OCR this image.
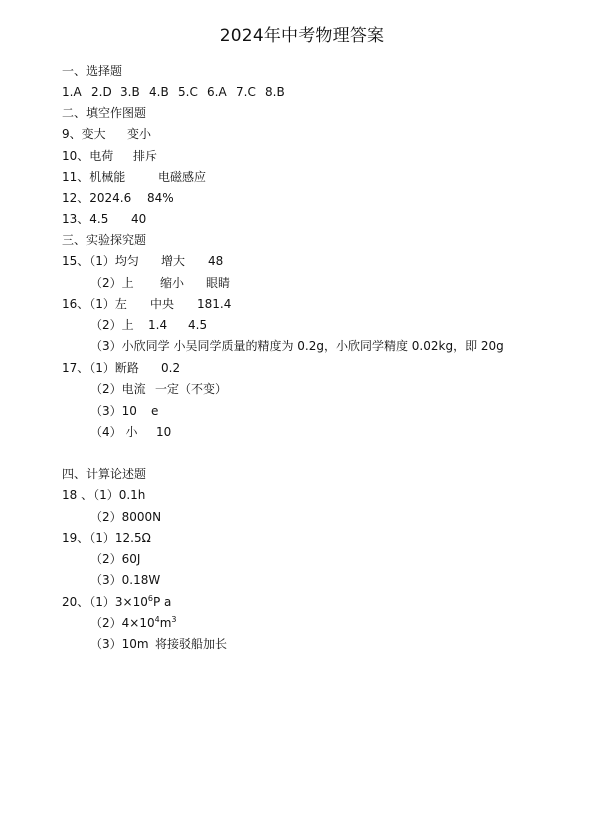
2024年中考物理答案
一、选择题
1.A 2.D 3.B 4.B 5.C 6.A 7.C 8.B
二、填空作图题
9、变大 变小
10、电荷 排斥
11、机械能	电磁感应
12、2024.6 84%
13、4.5 40
三、实验探究题
15、（1）均匀 增大 48
（2）上 缩小 眼睛
16、（1）左 中央 181.4
（2）上 1.4 4.5
（3）小欣同学 小吴同学质量的精度为 0.2g，小欣同学精度 0.02kg，即 20g
17、（1）断路 0.2
（2）电流 一定（不变）
（3）10 e
（4） 小 10
四、计算论述题
18 、（1）0.1h
（2）8000N
19、（1）12.5Ω
（2）60J
（3）0.18W
20、$(1)3\times 10^6P$ a
$(2)4\times 10^4m^3$
（3）10m 将接驳船加长
